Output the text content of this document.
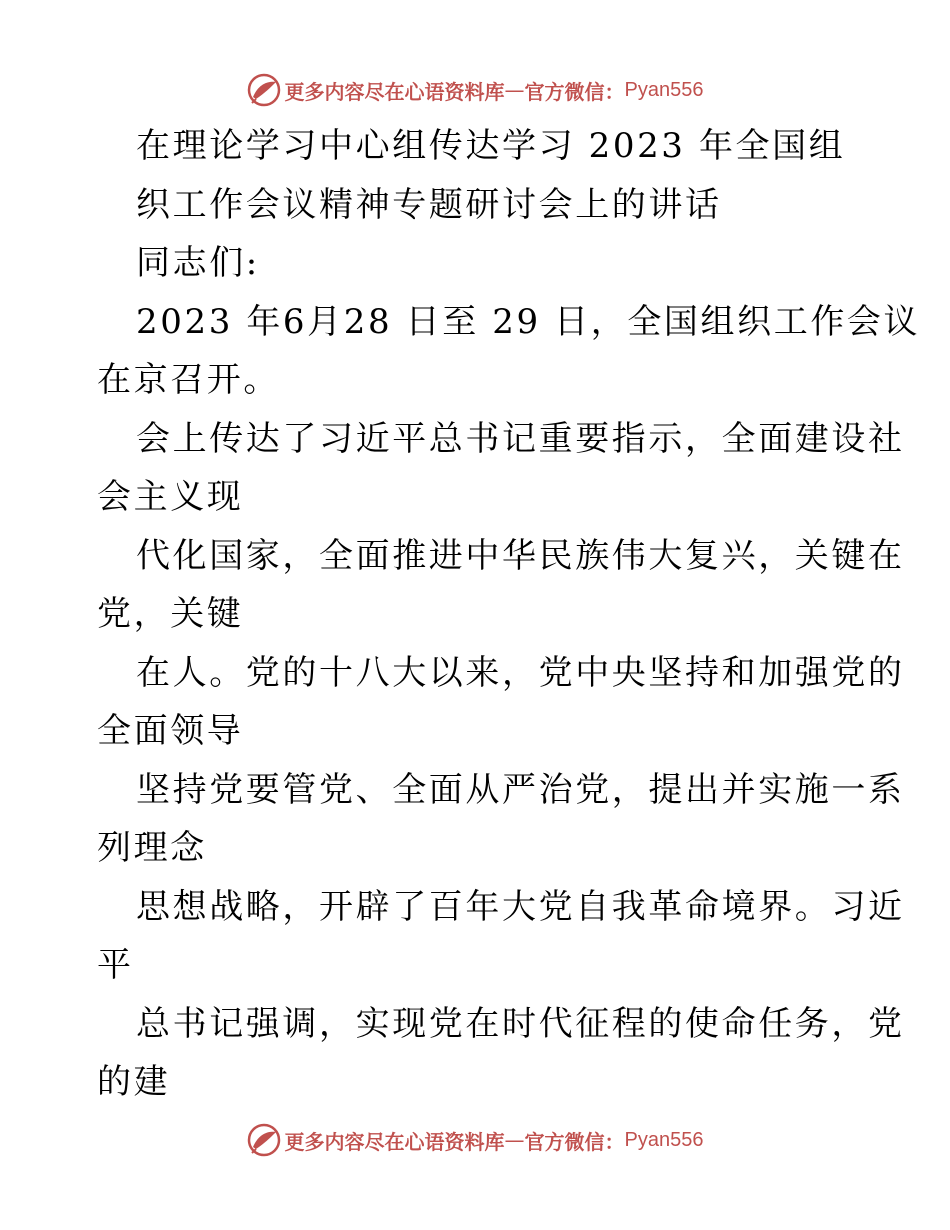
更多内容尽在心语资料库 — 官方微信： Pyan556
在理论学习中心组传达学习 2023 年全国组
织工作会议精神专题研讨会上的讲话
同志们:
2023 年6月28 日至 29 日，全国组织工作会议
在京召开。
会上传达了习近平总书记重要指示，全面建设社
会主义现
代化国家，全面推进中华民族伟大复兴，关键在
党，关键
在人。党的十八大以来，党中央坚持和加强党的
全面领导
坚持党要管党、全面从严治党，提出并实施一系
列理念
思想战略，开辟了百年大党自我革命境界。习近
平
总书记强调，实现党在时代征程的使命任务，党
的建
更多内容尽在心语资料库 — 官方微信： Pyan556
